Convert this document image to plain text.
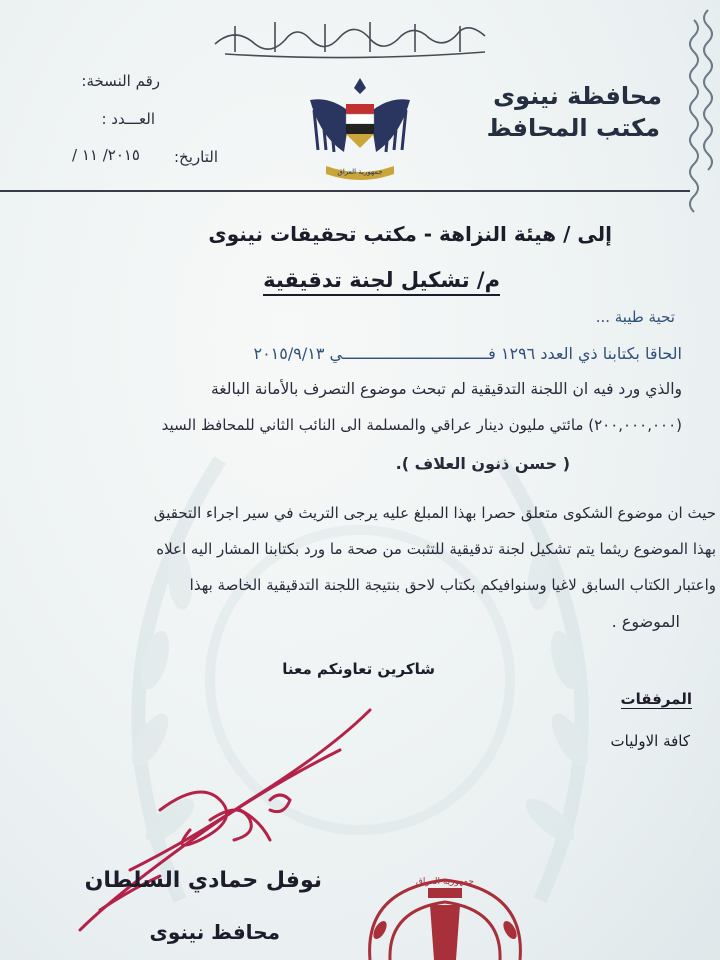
جمهورية العراق
رقم النسخة:
العـــدد :
التاريخ:
٢٠١٥/ ١١ /
محافظة نينوى
مكتب المحافظ
إلى / هيئة النزاهة - مكتب تحقيقات نينوى
م/ تشكيل لجنة تدقيقية
تحية طيبة ...
الحاقا بكتابنا ذي العدد ١٢٩٦ فـــــــــــــــــــــــــــــــي ٢٠١٥/٩/١٣
والذي ورد فيه ان اللجنة التدقيقية لم تبحث موضوع التصرف بالأمانة البالغة
(٢٠٠,٠٠٠,٠٠٠) مائتي مليون دينار عراقي والمسلمة الى النائب الثاني للمحافظ السيد
( حسن ذنون العلاف ).
حيث ان موضوع الشكوى متعلق حصرا بهذا المبلغ عليه يرجى التريث في سير اجراء التحقيق
بهذا الموضوع ريثما يتم تشكيل لجنة تدقيقية للتثبت من صحة ما ورد بكتابنا المشار اليه اعلاه
واعتبار الكتاب السابق لاغيا وسنوافيكم بكتاب لاحق بنتيجة اللجنة التدقيقية الخاصة بهذا
الموضوع .
شاكرين تعاونكم معنا
المرفقات
كافة الاوليات
جمهورية العراق
نوفل حمادي السلطان
محافظ نينوى
